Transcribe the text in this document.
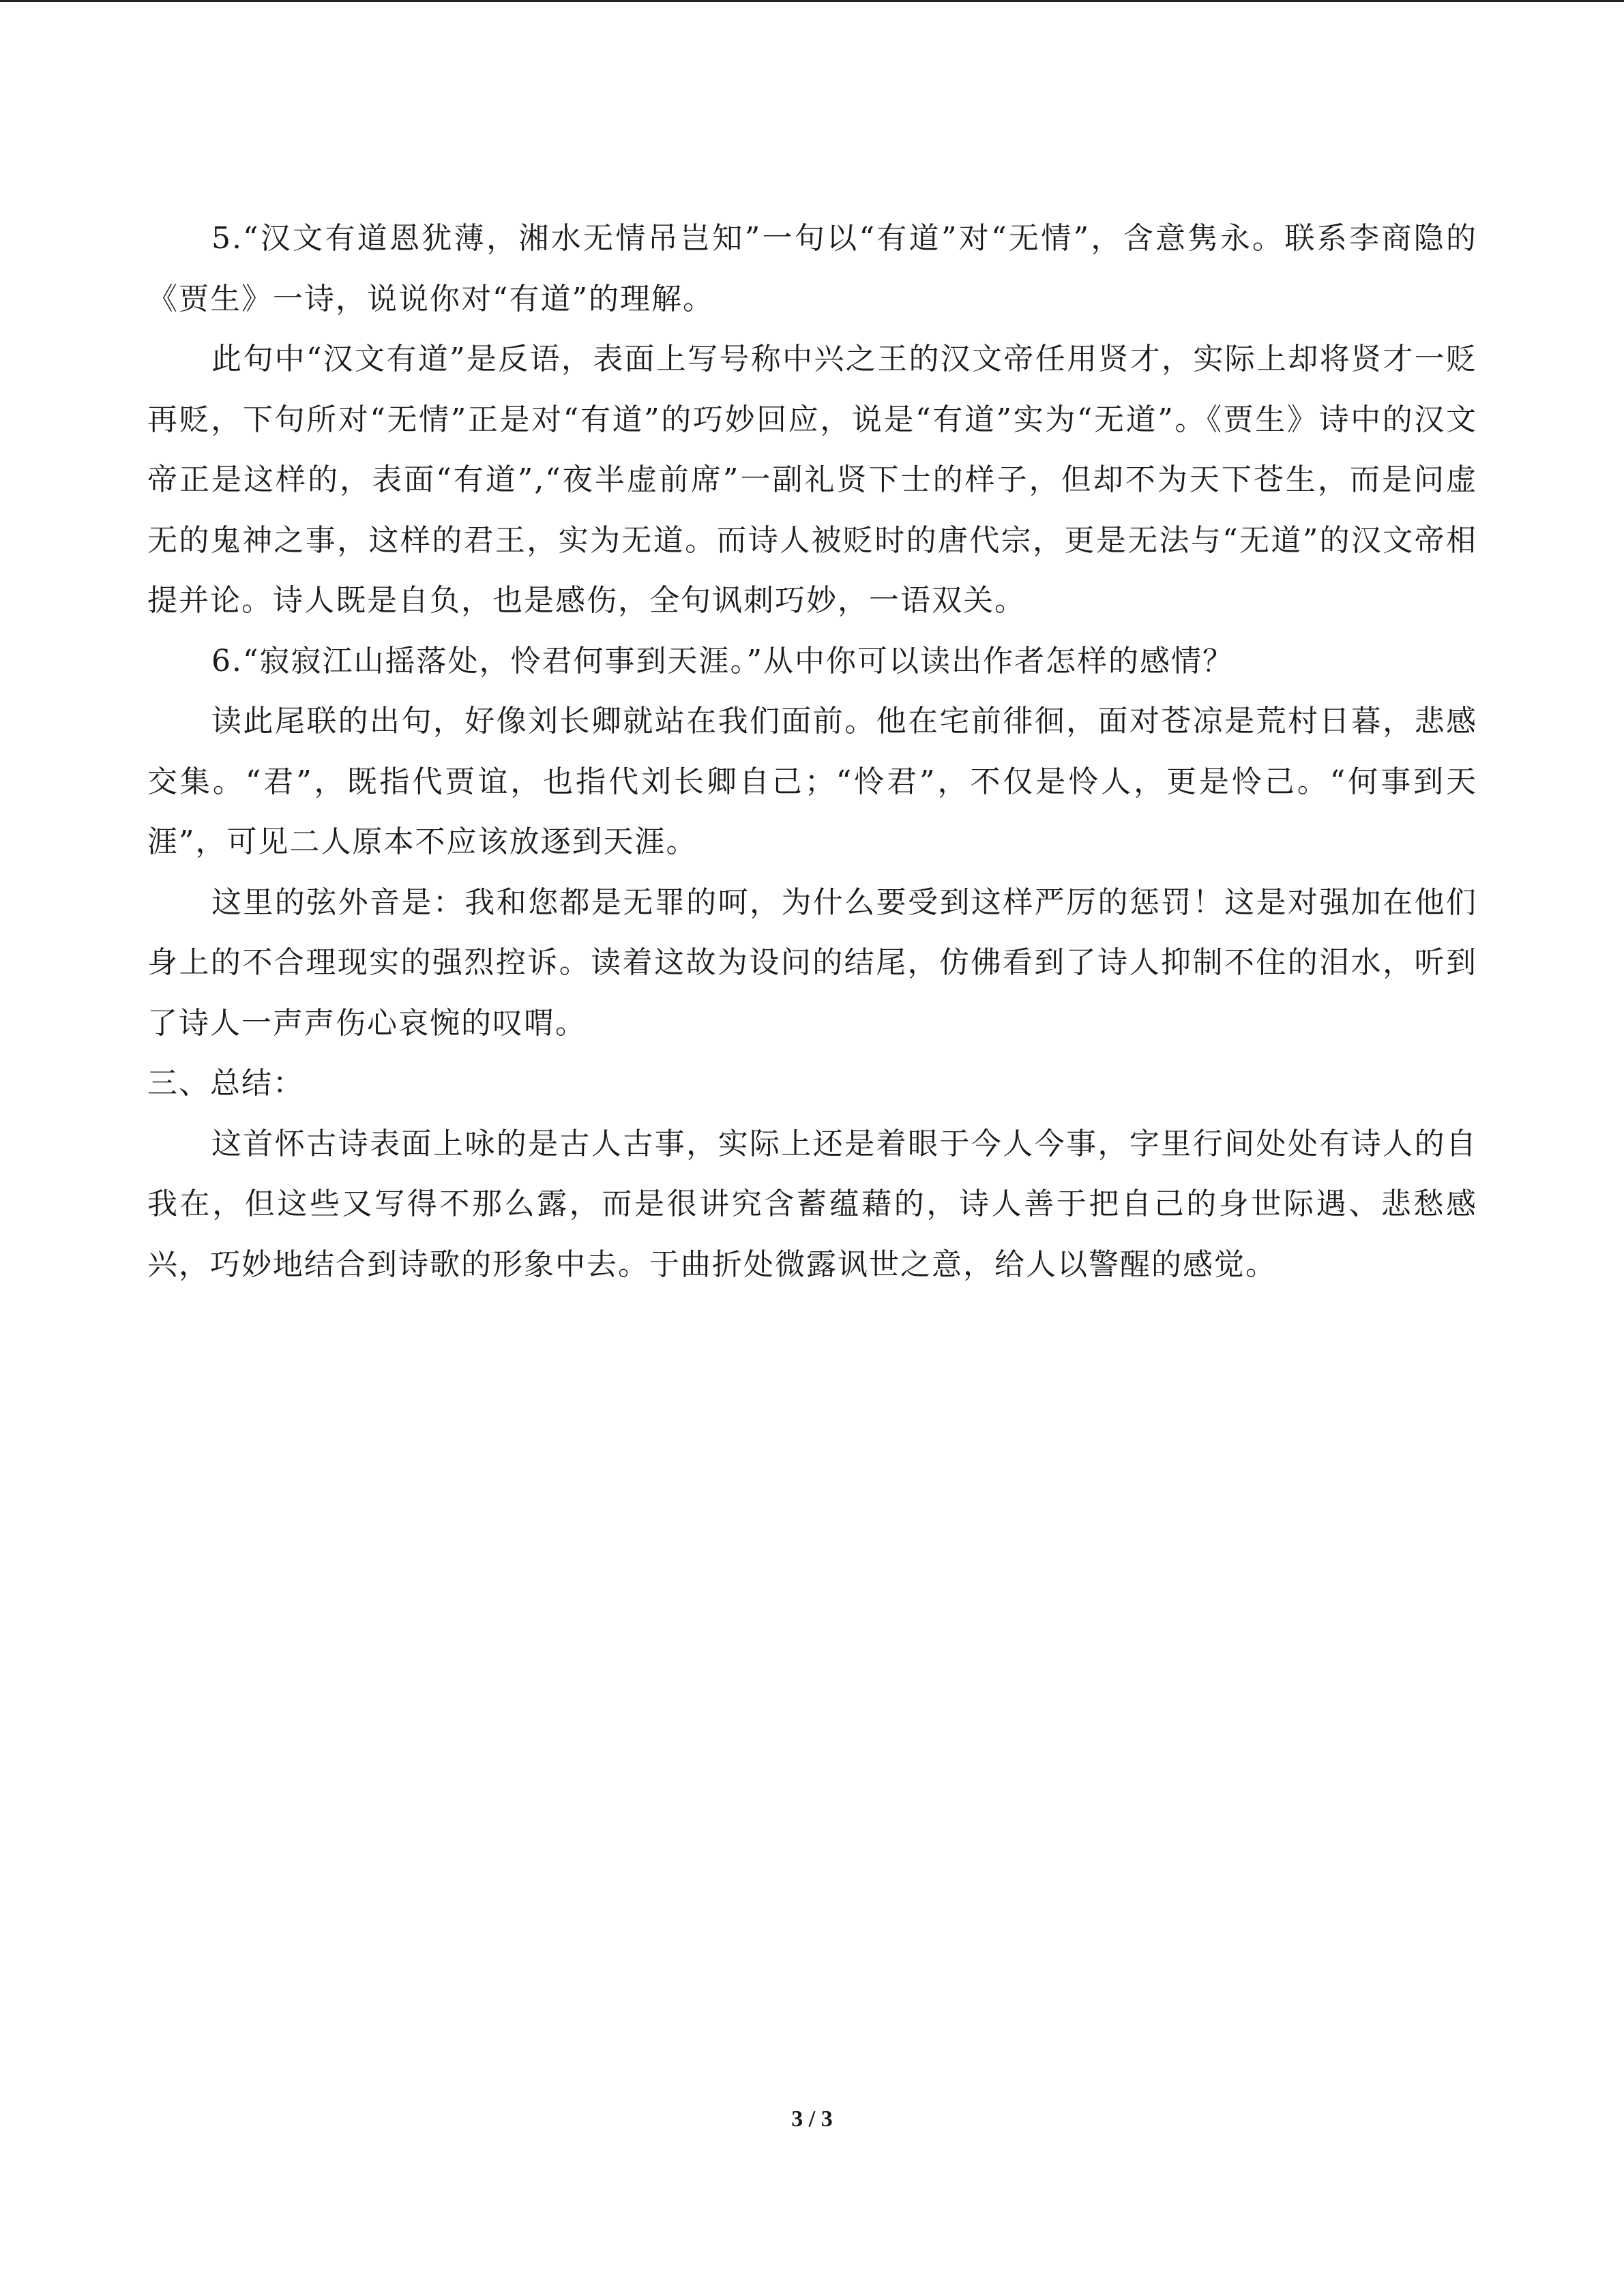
5.“汉文有道恩犹薄，湘水无情吊岂知”一句以“有道”对“无情”，含意隽永。联系李商隐的《贾生》一诗，说说你对“有道”的理解。

此句中“汉文有道”是反语，表面上写号称中兴之王的汉文帝任用贤才，实际上却将贤才一贬再贬，下句所对“无情”正是对“有道”的巧妙回应，说是“有道”实为“无道”。《贾生》诗中的汉文帝正是这样的，表面“有道”,“夜半虚前席”一副礼贤下士的样子，但却不为天下苍生，而是问虚无的鬼神之事，这样的君王，实为无道。而诗人被贬时的唐代宗，更是无法与“无道”的汉文帝相提并论。诗人既是自负，也是感伤，全句讽刺巧妙，一语双关。

6.“寂寂江山摇落处，怜君何事到天涯。”从中你可以读出作者怎样的感情？

读此尾联的出句，好像刘长卿就站在我们面前。他在宅前徘徊，面对苍凉是荒村日暮，悲感交集。“君”，既指代贾谊，也指代刘长卿自己；“怜君”，不仅是怜人，更是怜己。“何事到天涯”，可见二人原本不应该放逐到天涯。

这里的弦外音是：我和您都是无罪的呵，为什么要受到这样严厉的惩罚！这是对强加在他们身上的不合理现实的强烈控诉。读着这故为设问的结尾，仿佛看到了诗人抑制不住的泪水，听到了诗人一声声伤心哀惋的叹喟。

三、总结：

这首怀古诗表面上咏的是古人古事，实际上还是着眼于今人今事，字里行间处处有诗人的自我在，但这些又写得不那么露，而是很讲究含蓄蕴藉的，诗人善于把自己的身世际遇、悲愁感兴，巧妙地结合到诗歌的形象中去。于曲折处微露讽世之意，给人以警醒的感觉。

3 / 3
